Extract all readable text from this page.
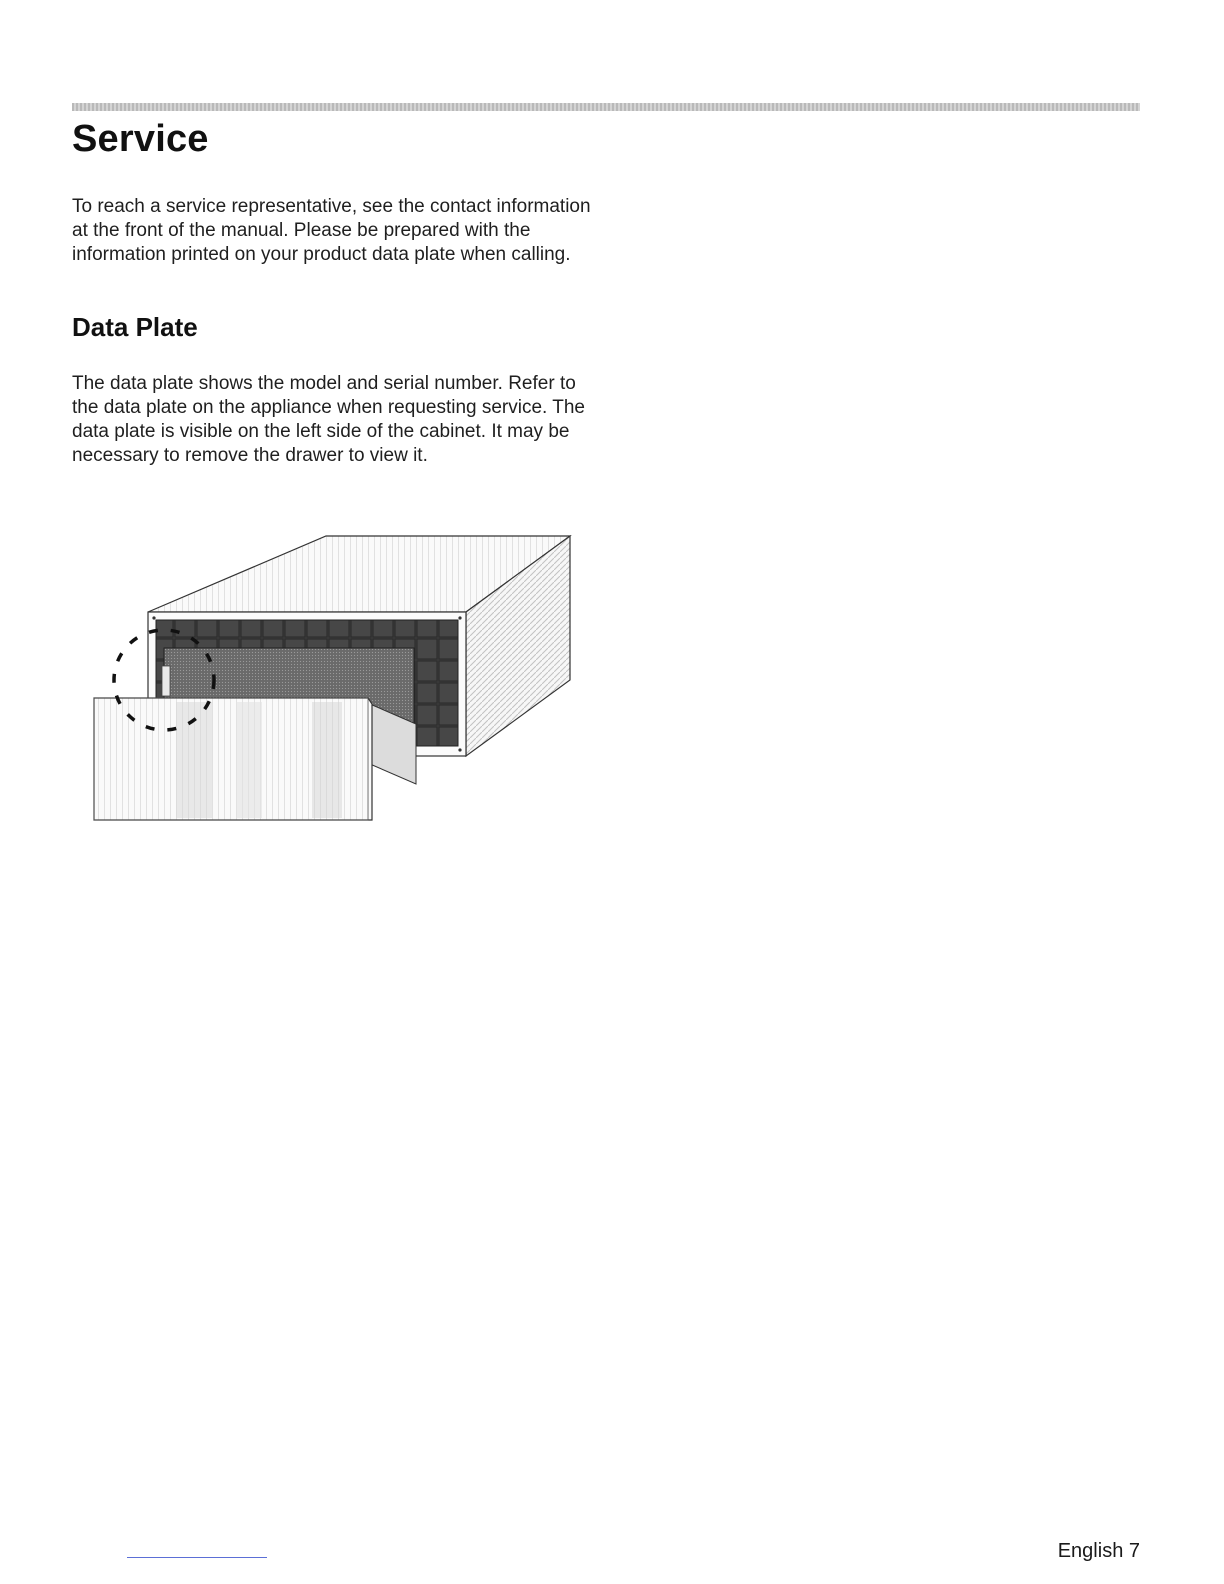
Service

To reach a service representative, see the contact information at the front of the manual. Please be prepared with the information printed on your product data plate when calling.

Data Plate

The data plate shows the model and serial number. Refer to the data plate on the appliance when requesting service. The data plate is visible on the left side of the cabinet. It may be necessary to remove the drawer to view it.

English 7
